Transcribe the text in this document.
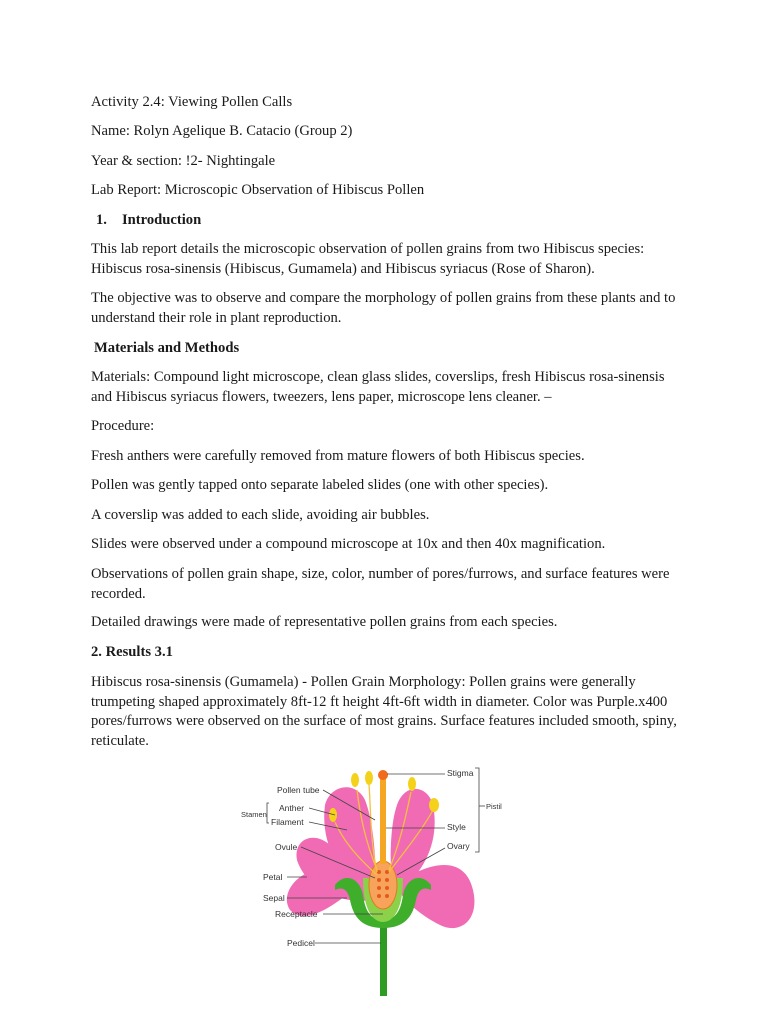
Activity 2.4: Viewing Pollen Calls

Name: Rolyn Agelique B. Catacio (Group 2)

Year & section: !2- Nightingale

Lab Report: Microscopic Observation of Hibiscus Pollen

1. Introduction

This lab report details the microscopic observation of pollen grains from two Hibiscus species: Hibiscus rosa-sinensis (Hibiscus, Gumamela) and Hibiscus syriacus (Rose of Sharon).

The objective was to observe and compare the morphology of pollen grains from these plants and to understand their role in plant reproduction.

Materials and Methods

Materials: Compound light microscope, clean glass slides, coverslips, fresh Hibiscus rosa-sinensis and Hibiscus syriacus flowers, tweezers, lens paper, microscope lens cleaner. –

Procedure:

Fresh anthers were carefully removed from mature flowers of both Hibiscus species.

Pollen was gently tapped onto separate labeled slides (one with other species).

A coverslip was added to each slide, avoiding air bubbles.

Slides were observed under a compound microscope at 10x and then 40x magnification.

Observations of pollen grain shape, size, color, number of pores/furrows, and surface features were recorded.

Detailed drawings were made of representative pollen grains from each species.

2. Results 3.1

Hibiscus rosa-sinensis (Gumamela) - Pollen Grain Morphology: Pollen grains were generally trumpeting shaped approximately 8ft-12 ft height 4ft-6ft width in diameter. Color was Purple.x400 pores/furrows were observed on the surface of most grains. Surface features included smooth, spiny, reticulate.

Pollen tube
Stamen
Anther
Filament
Ovule
Petal
Sepal
Receptacle
Pedicel
Stigma
Pistil
Style
Ovary
